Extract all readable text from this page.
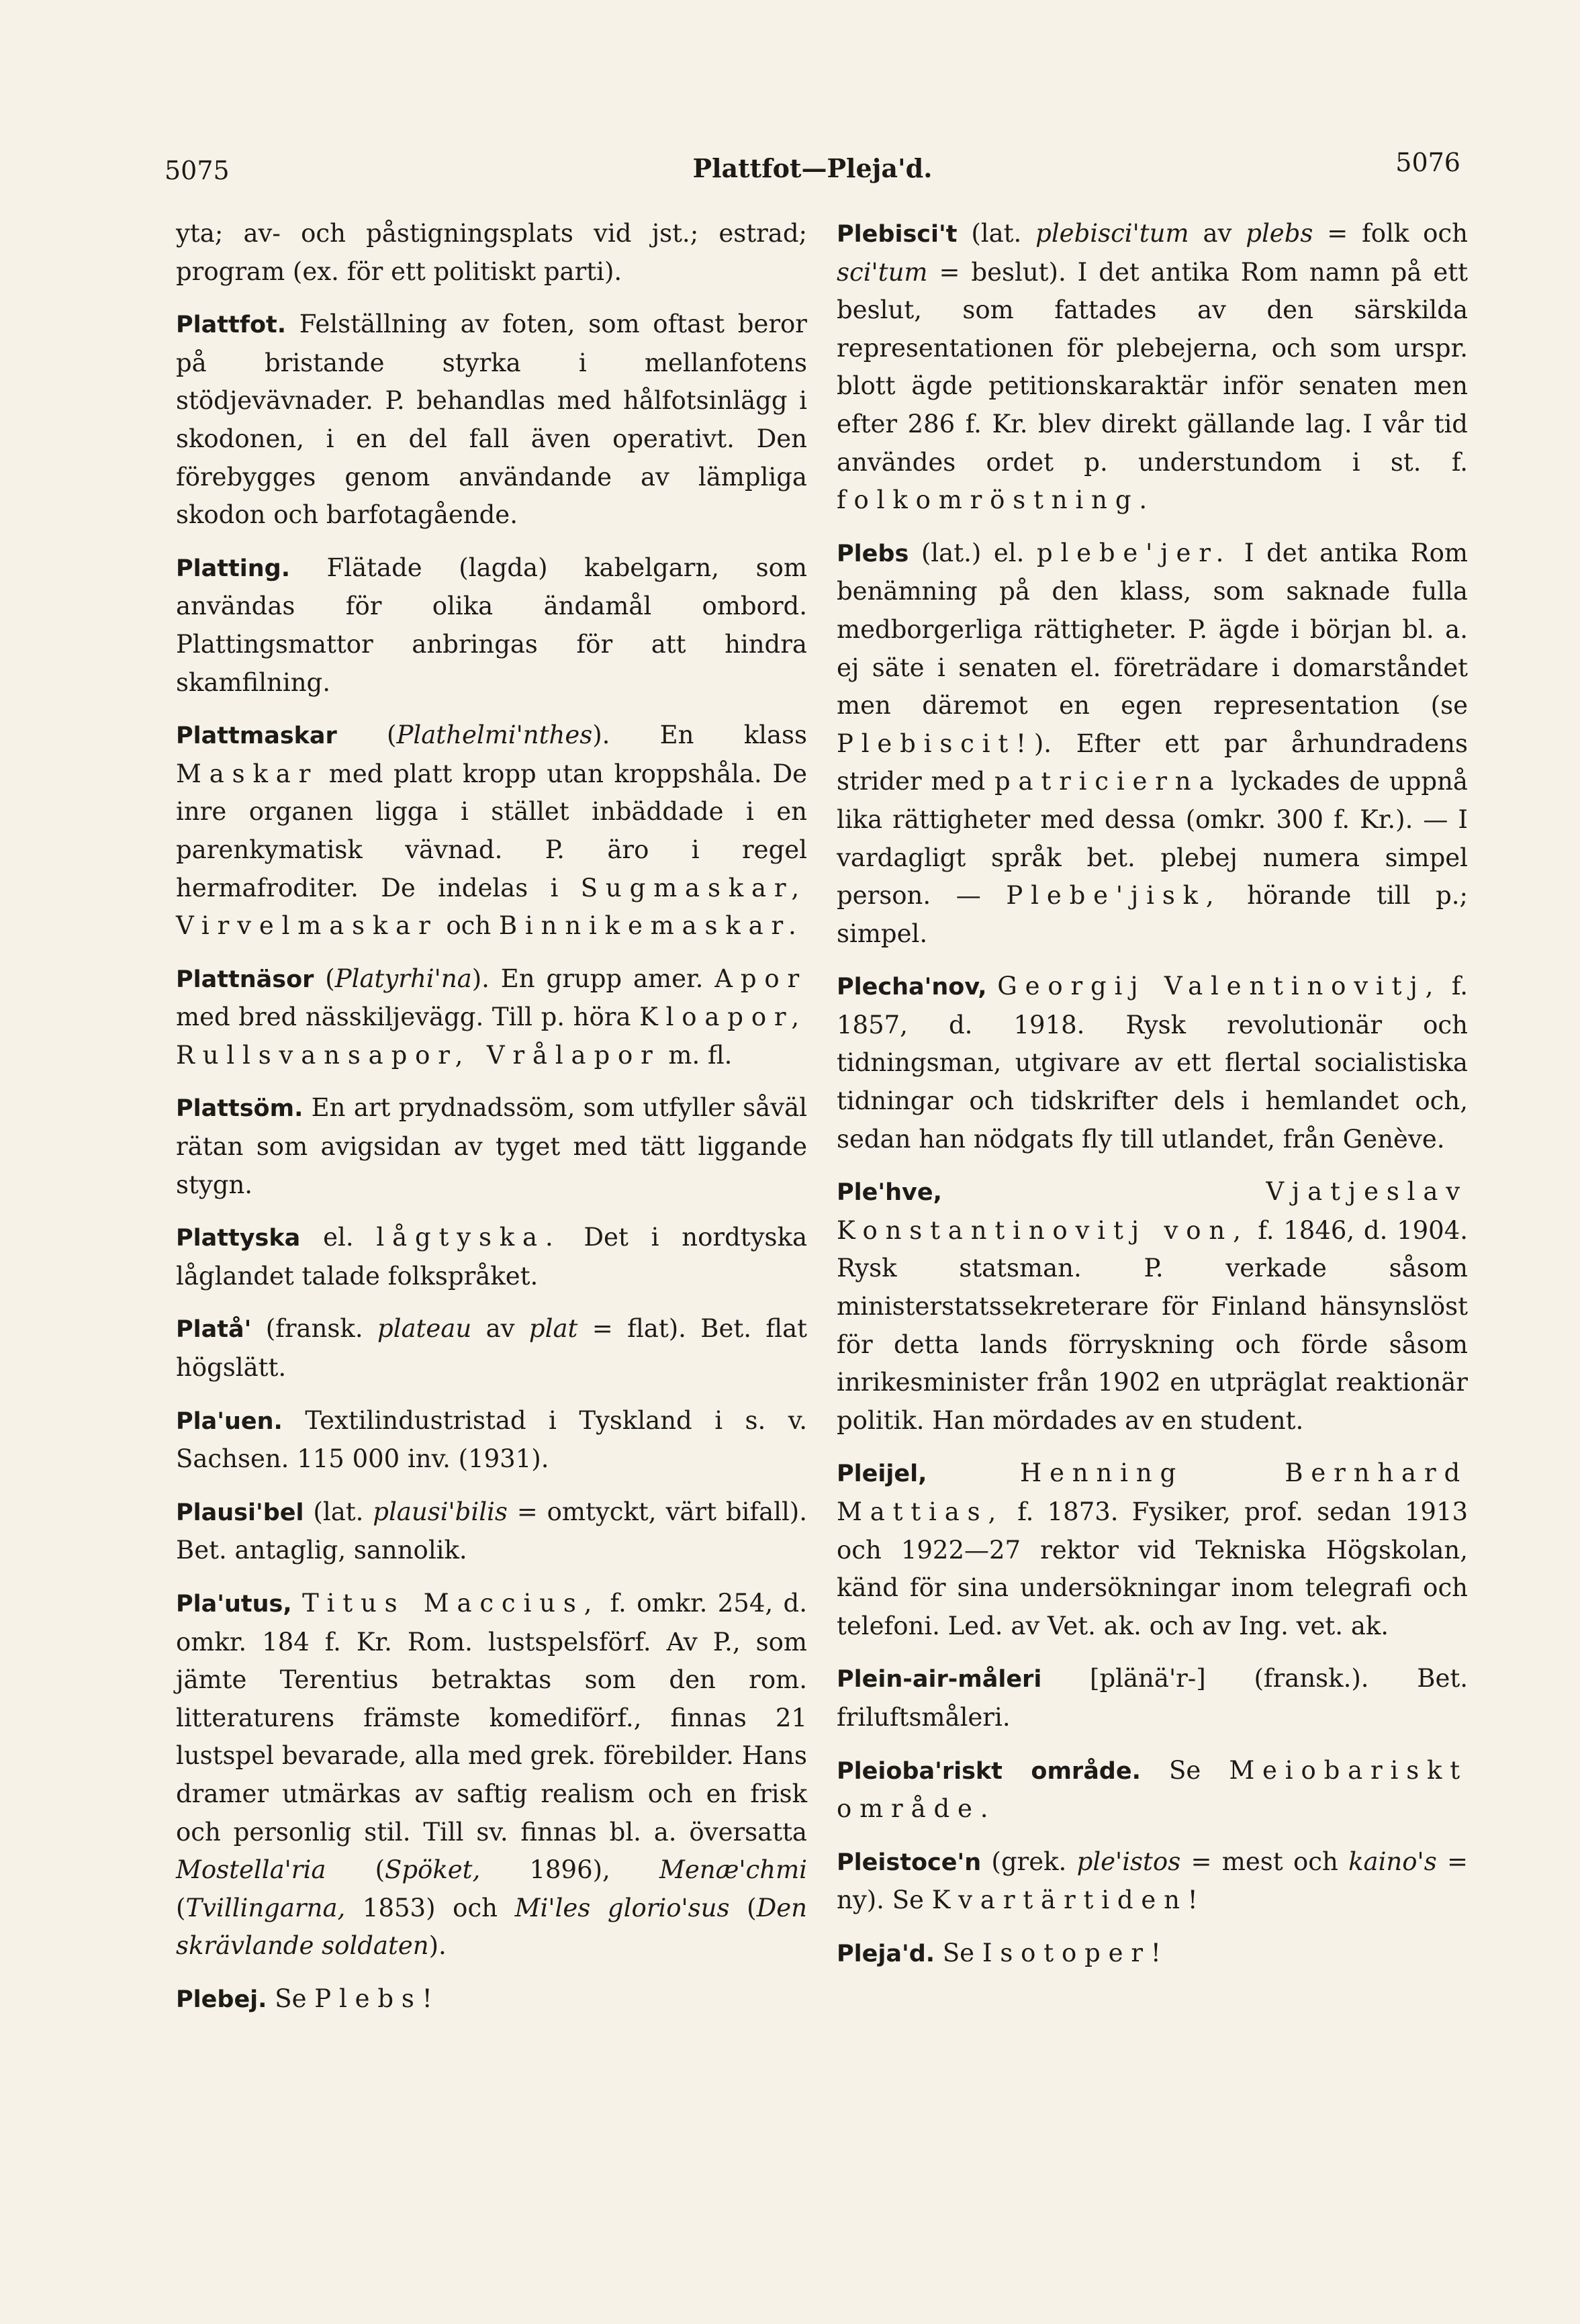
5075	Plattfot—Pleja'd.	5076

yta; av- och påstigningsplats vid jst.; estrad; program (ex. för ett politiskt parti).

Plattfot. Felställning av foten, som oftast beror på bristande styrka i mellanfotens stödjevävnader. P. behandlas med hålfotsinlägg i skodonen, i en del fall även operativt. Den förebygges genom användande av lämpliga skodon och barfotagående.

Platting. Flätade (lagda) kabelgarn, som användas för olika ändamål ombord. Plattingsmattor anbringas för att hindra skamfilning.

Plattmaskar (Plathelmi'nthes). En klass Maskar med platt kropp utan kroppshåla. De inre organen ligga i stället inbäddade i en parenkymatisk vävnad. P. äro i regel hermafroditer. De indelas i Sugmaskar, Virvelmaskar och Binnikemaskar.

Plattnäsor (Platyrhi'na). En grupp amer. Apor med bred nässkiljevägg. Till p. höra Kloapor, Rullsvansapor, Vrålapor m. fl.

Plattsöm. En art prydnadssöm, som utfyller såväl rätan som avigsidan av tyget med tätt liggande stygn.

Plattyska el. lågtyska. Det i nordtyska låglandet talade folkspråket.

Platå' (fransk. plateau av plat = flat). Bet. flat högslätt.

Pla'uen. Textilindustristad i Tyskland i s. v. Sachsen. 115 000 inv. (1931).

Plausi'bel (lat. plausi'bilis = omtyckt, värt bifall). Bet. antaglig, sannolik.

Pla'utus, Titus Maccius, f. omkr. 254, d. omkr. 184 f. Kr. Rom. lustspelsförf. Av P., som jämte Terentius betraktas som den rom. litteraturens främste komediförf., finnas 21 lustspel bevarade, alla med grek. förebilder. Hans dramer utmärkas av saftig realism och en frisk och personlig stil. Till sv. finnas bl. a. översatta Mostella'ria (Spöket, 1896), Menæ'chmi (Tvillingarna, 1853) och Mi'les glorio'sus (Den skrävlande soldaten).

Plebej. Se Plebs!

Plebisci't (lat. plebisci'tum av plebs = folk och sci'tum = beslut). I det antika Rom namn på ett beslut, som fattades av den särskilda representationen för plebejerna, och som urspr. blott ägde petitionskaraktär inför senaten men efter 286 f. Kr. blev direkt gällande lag. I vår tid användes ordet p. understundom i st. f. folkomröstning.

Plebs (lat.) el. plebe'jer. I det antika Rom benämning på den klass, som saknade fulla medborgerliga rättigheter. P. ägde i början bl. a. ej säte i senaten el. företrädare i domarståndet men däremot en egen representation (se Plebiscit!). Efter ett par århundradens strider med patricierna lyckades de uppnå lika rättigheter med dessa (omkr. 300 f. Kr.). — I vardagligt språk bet. plebej numera simpel person. — Plebe'jisk, hörande till p.; simpel.

Plecha'nov, Georgij Valentinovitj, f. 1857, d. 1918. Rysk revolutionär och tidningsman, utgivare av ett flertal socialistiska tidningar och tidskrifter dels i hemlandet och, sedan han nödgats fly till utlandet, från Genève.

Ple'hve,	Vjatjeslav Konstantinovitj von, f. 1846, d. 1904. Rysk statsman. P. verkade såsom ministerstatssekreterare för Finland hänsynslöst för detta lands förryskning och förde såsom inrikesminister från 1902 en utpräglat reaktionär politik. Han mördades av en student.

Pleijel,	Henning Bernhard Mattias, f. 1873. Fysiker, prof. sedan 1913 och 1922—27 rektor vid Tekniska Högskolan, känd för sina undersökningar inom telegrafi och telefoni. Led. av Vet. ak. och av Ing. vet. ak.

Plein-air-måleri [plänä'r-] (fransk.). Bet. friluftsmåleri.

Pleioba'riskt område. Se Meiobariskt område.

Pleistoce'n (grek. ple'istos = mest och kaino's = ny). Se Kvartärtiden!

Pleja'd. Se Isotoper!
